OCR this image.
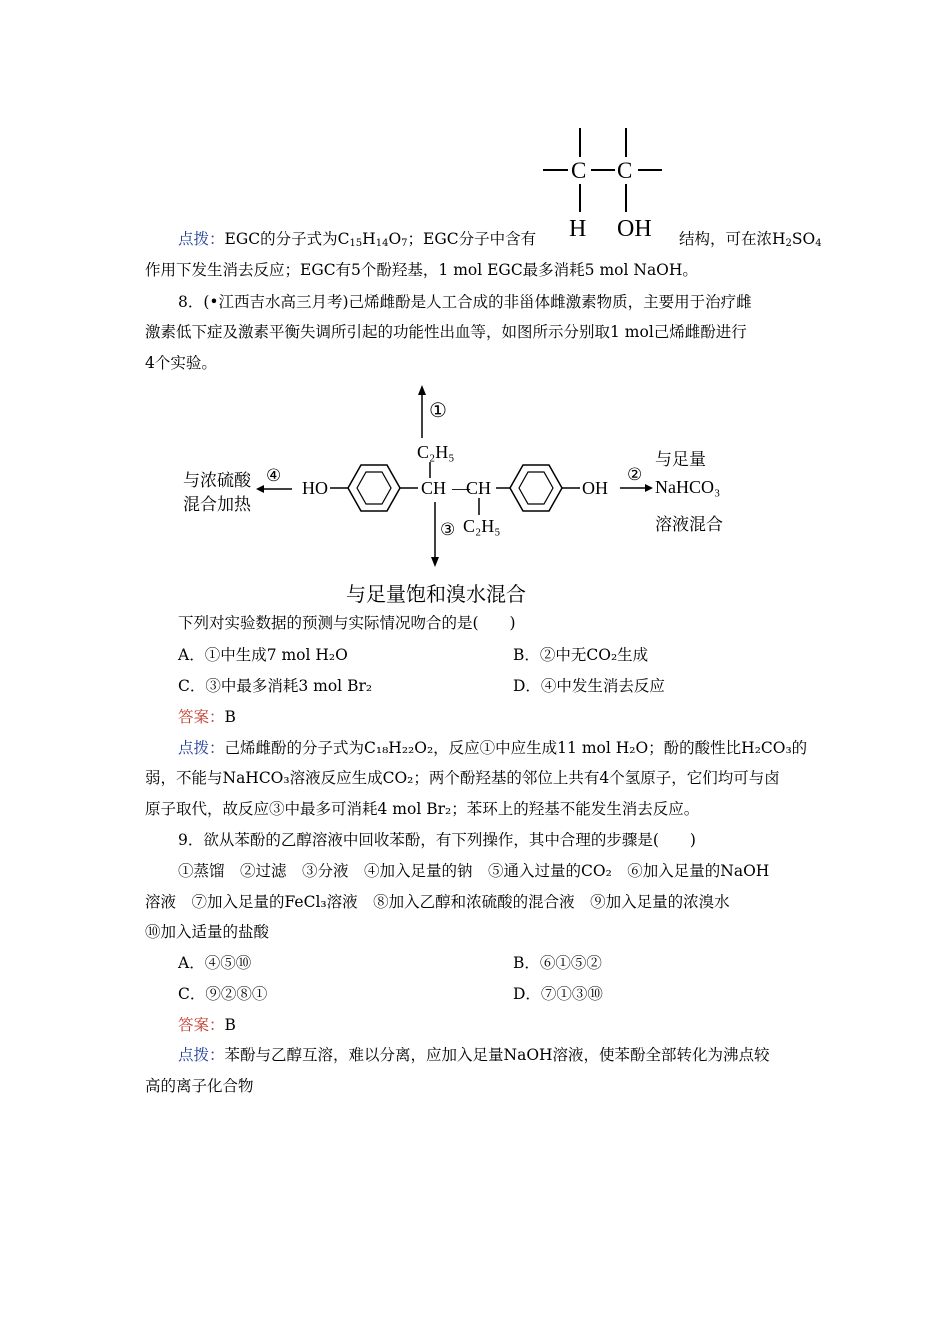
C C
H OH
点拨：EGC的分子式为$C_{15}H_{14}O_7$；EGC分子中含有	结构，可在浓$H_2SO_4$
作用下发生消去反应；EGC有5个酚羟基，1 mol EGC最多消耗5 mol NaOH。
8．(•江西吉水高三月考)己烯雌酚是人工合成的非甾体雌激素物质，主要用于治疗雌
激素低下症及激素平衡失调所引起的功能性出血等，如图所示分别取1 mol己烯雌酚进行
4个实验。
①
C₂H₅
与浓硫酸 ④
混合加热
HO	CH —
CH	OH
③ C₂H₅
与足量
②
NaHCO₃
溶液混合
与足量饱和溴水混合
下列对实验数据的预测与实际情况吻合的是(　　)
A．①中生成7 mol H₂O	B．②中无CO₂生成
C．③中最多消耗3 mol Br₂	D．④中发生消去反应
答案：B
点拨：己烯雌酚的分子式为C₁₈H₂₂O₂，反应①中应生成11 mol H₂O；酚的酸性比H₂CO₃的
弱，不能与NaHCO₃溶液反应生成CO₂；两个酚羟基的邻位上共有4个氢原子，它们均可与卤
原子取代，故反应③中最多可消耗4 mol Br₂；苯环上的羟基不能发生消去反应。
9．欲从苯酚的乙醇溶液中回收苯酚，有下列操作，其中合理的步骤是(　　)
①蒸馏　②过滤　③分液　④加入足量的钠　⑤通入过量的CO₂　⑥加入足量的NaOH
溶液　⑦加入足量的FeCl₃溶液　⑧加入乙醇和浓硫酸的混合液　⑨加入足量的浓溴水
⑩加入适量的盐酸
A．④⑤⑩	B．⑥①⑤②
C．⑨②⑧①	D．⑦①③⑩
答案：B
点拨：苯酚与乙醇互溶，难以分离，应加入足量NaOH溶液，使苯酚全部转化为沸点较
高的离子化合物
